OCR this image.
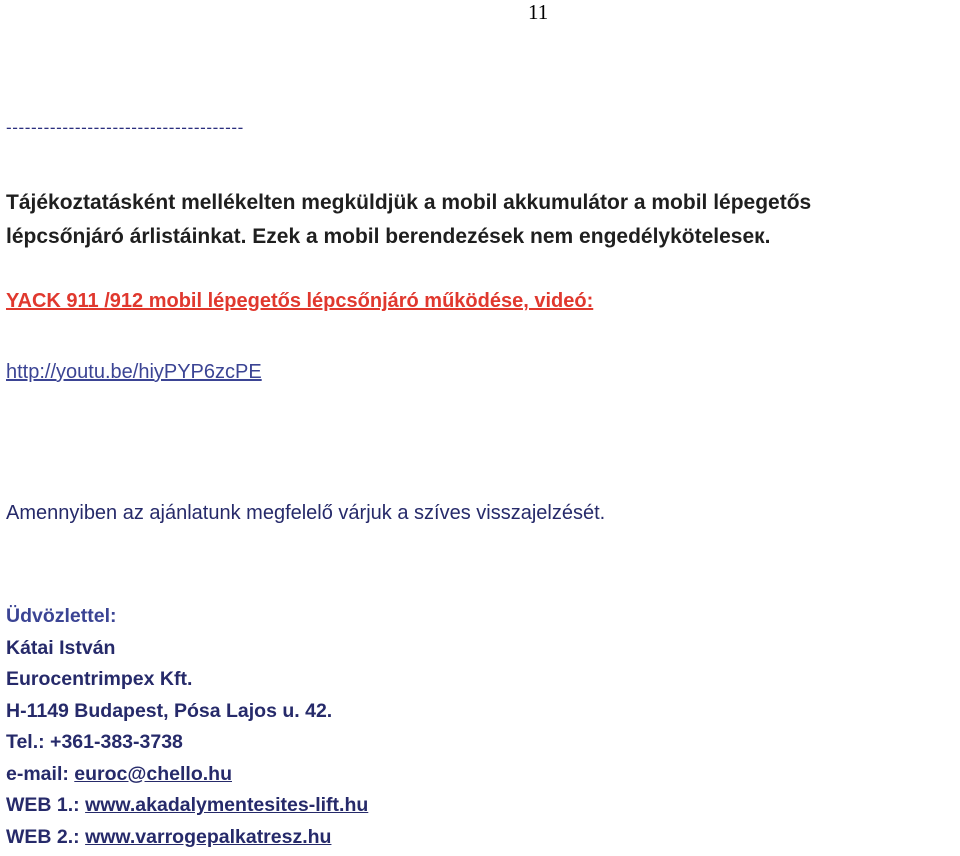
11
--------------------------------------
Tájékoztatásként mellékelten megküldjük a mobil akkumulátor a mobil lépegetős
lépcsőnjáró árlistáinkat. Ezek a mobil berendezések nem engedélyköteleseк.
YACK 911 /912 mobil lépegetős lépcsőnjáró működése, videó:
http://youtu.be/hiyPYP6zcPE
Amennyiben az ajánlatunk megfelelő várjuk a szíves visszajelzését.
Üdvözlettel:
Kátai István
Eurocentrimpex Kft.
H-1149 Budapest, Pósa Lajos u. 42.
Tel.: +361-383-3738
e-mail: euroc@chello.hu
WEB 1.: www.akadalymentesites-lift.hu
WEB 2.: www.varrogepalkatresz.hu
